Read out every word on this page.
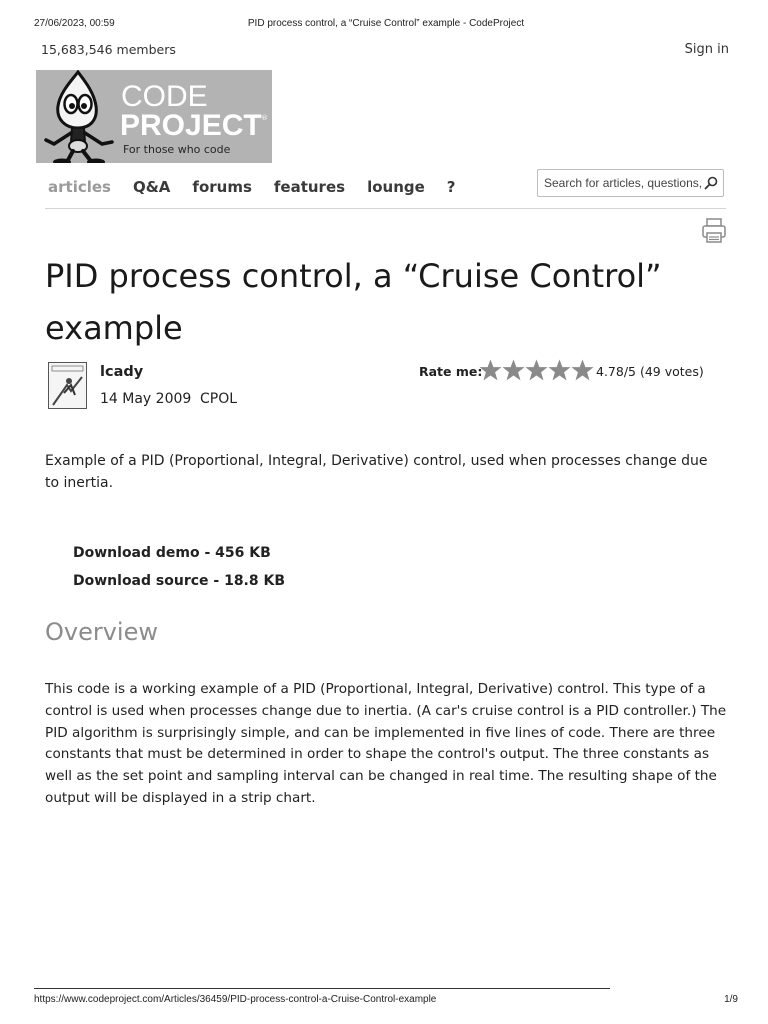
27/06/2023, 00:59	PID process control, a “Cruise Control” example - CodeProject
15,683,546 members	Sign in
CODE
PROJECT ®
For those who code
articles Q&A forums features lounge ?
Search for articles, questions, tips
PID process control, a “Cruise Control” example
lcady
14 May 2009 CPOL
Rate me:	4.78/5 (49 votes)

Example of a PID (Proportional, Integral, Derivative) control, used when processes change due to inertia.

Download demo - 456 KB
Download source - 18.8 KB
Overview

This code is a working example of a PID (Proportional, Integral, Derivative) control. This type of a control is used when processes change due to inertia. (A car's cruise control is a PID controller.) The PID algorithm is surprisingly simple, and can be implemented in five lines of code. There are three constants that must be determined in order to shape the control's output. The three constants as well as the set point and sampling interval can be changed in real time. The resulting shape of the output will be displayed in a strip chart.

https://www.codeproject.com/Articles/36459/PID-process-control-a-Cruise-Control-example	1/9
